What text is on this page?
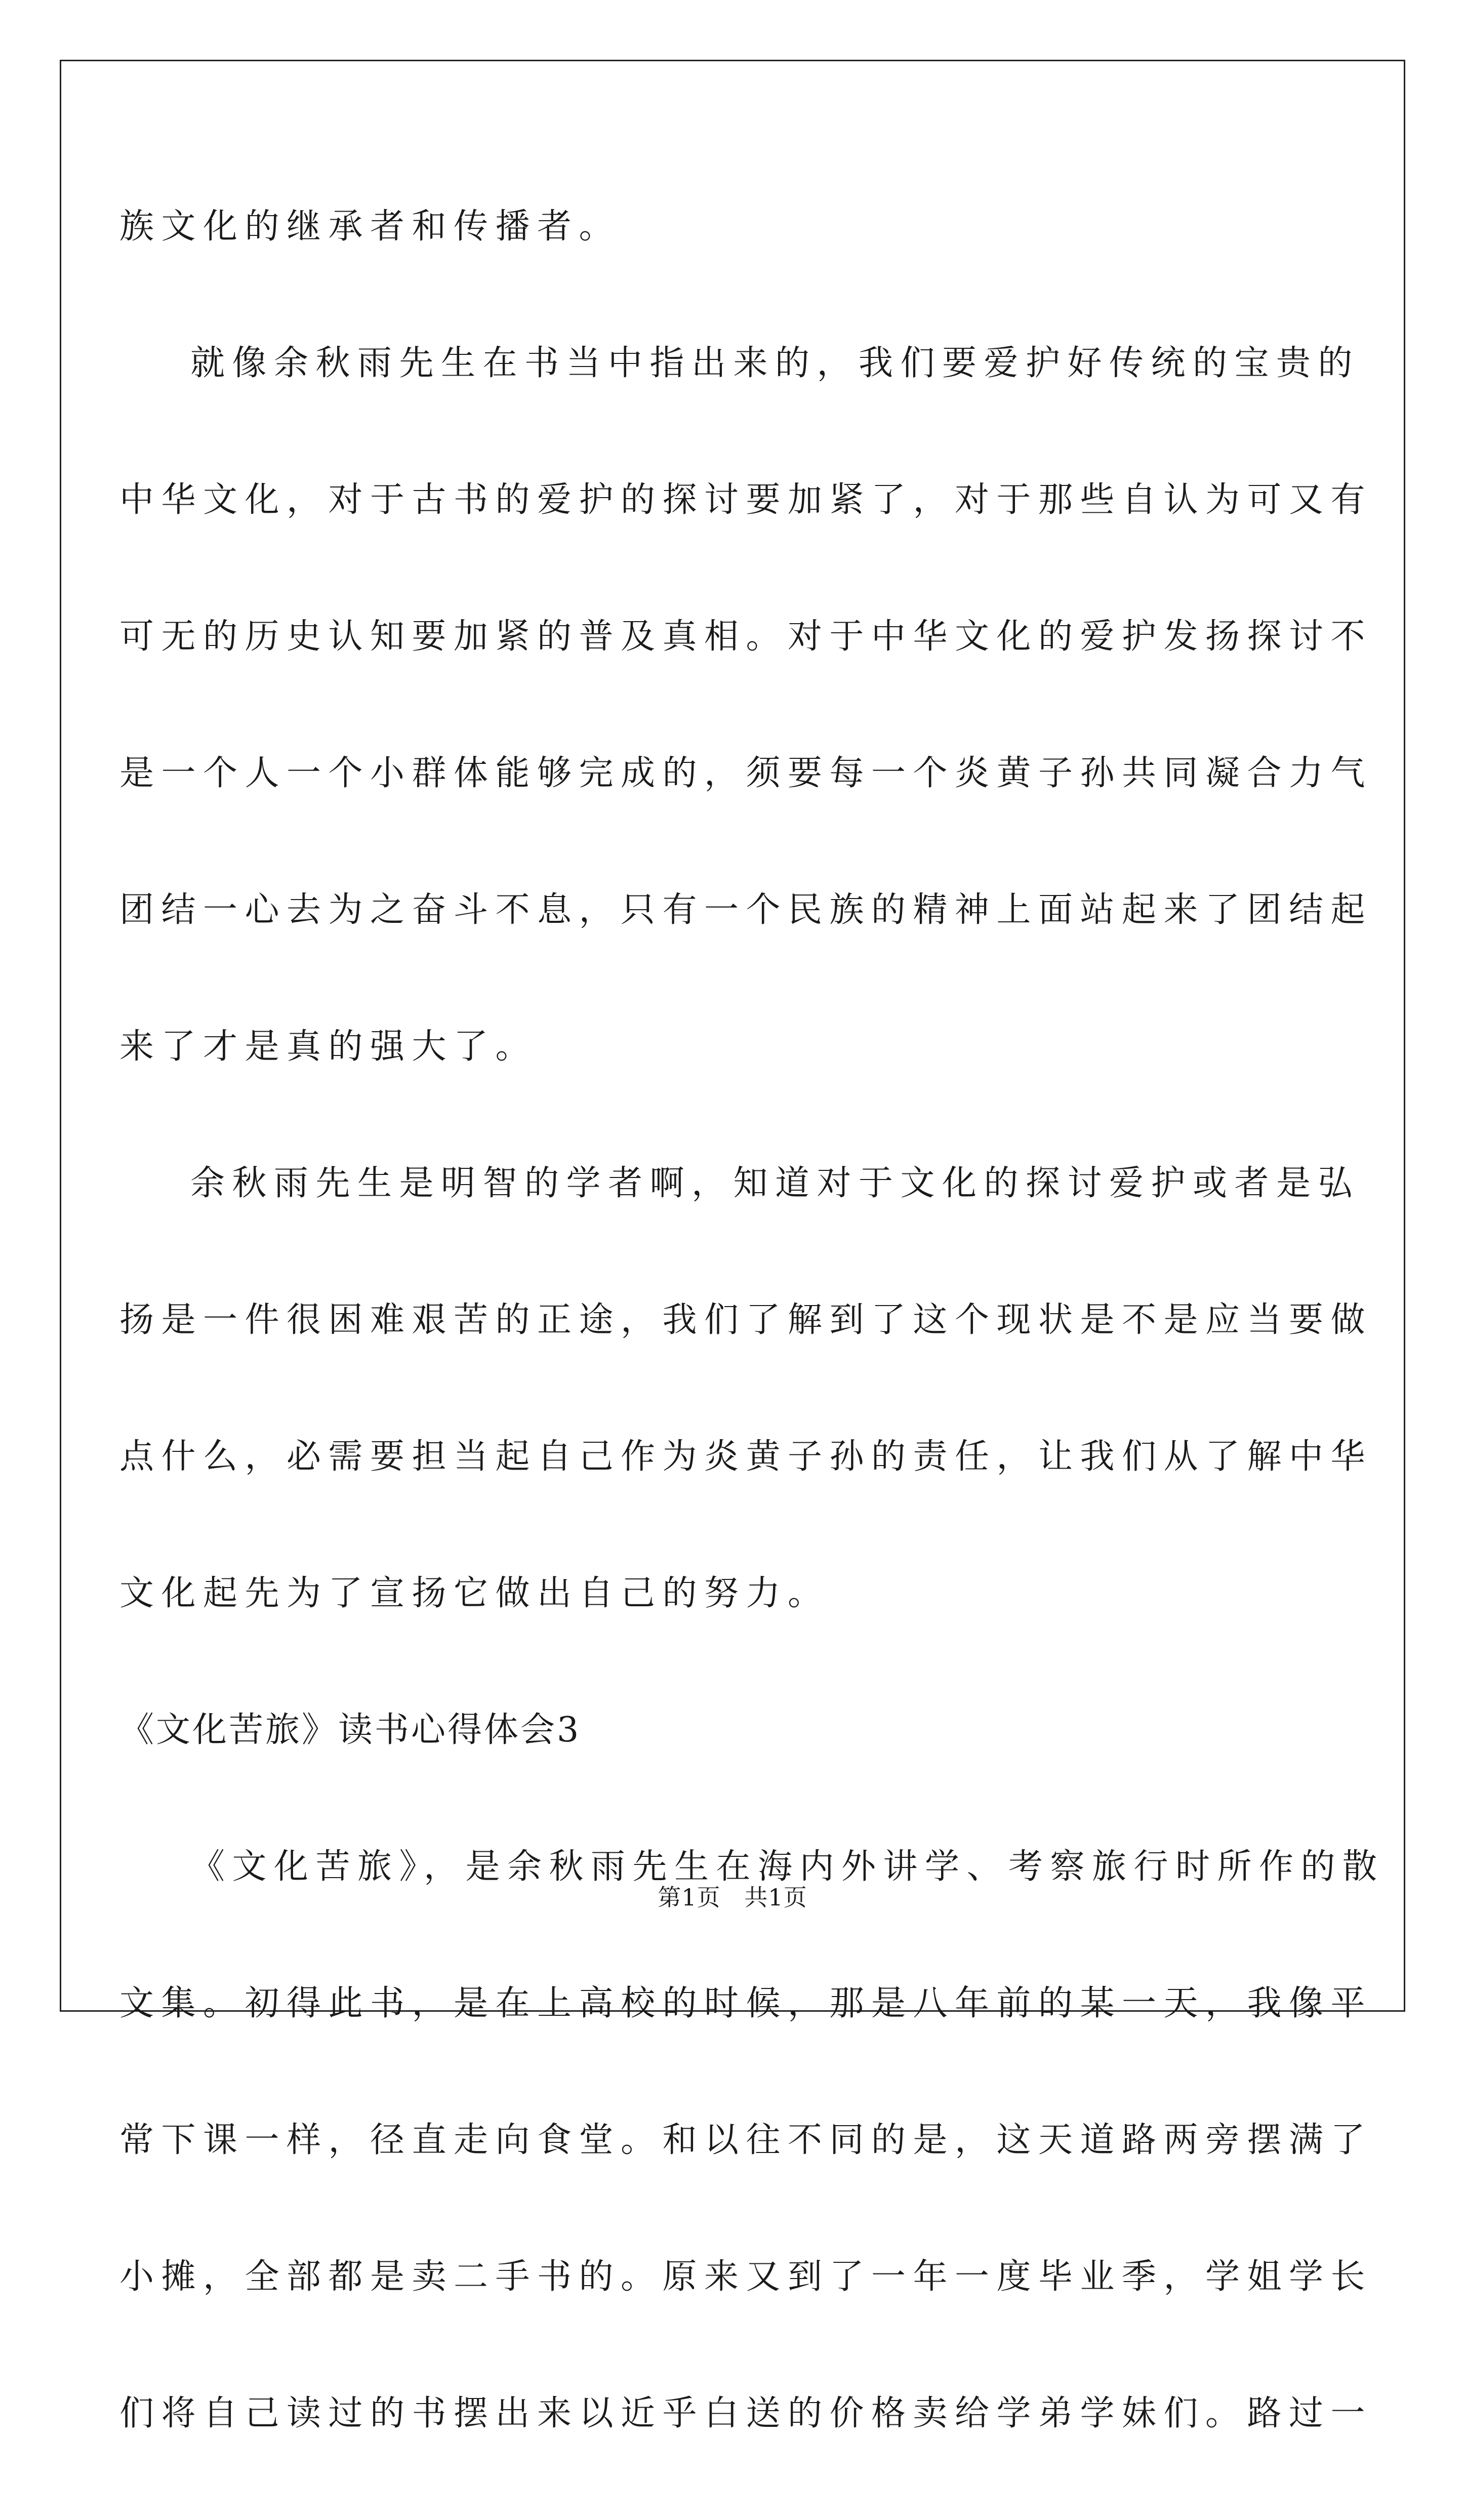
族文化的继承者和传播者。

就像余秋雨先生在书当中指出来的，我们要爱护好传统的宝贵的

中华文化，对于古书的爱护的探讨要加紧了，对于那些自认为可又有

可无的历史认知要加紧的普及真相。对于中华文化的爱护发扬探讨不

是一个人一个小群体能够完成的，须要每一个炎黄子孙共同凝合力气

团结一心去为之奋斗不息，只有一个民族的精神上面站起来了团结起

来了才是真的强大了。

余秋雨先生是明智的学者啊，知道对于文化的探讨爱护或者是弘

扬是一件很困难艰苦的正途，我们了解到了这个现状是不是应当要做

点什么，必需要担当起自己作为炎黄子孙的责任，让我们从了解中华

文化起先为了宣扬它做出自己的努力。

《文化苦旅》读书心得体会3

《文化苦旅》，是余秋雨先生在海内外讲学、考察旅行时所作的散

文集。初得此书，是在上高校的时候，那是八年前的某一天，我像平

常下课一样，径直走向食堂。和以往不同的是，这天道路两旁摆满了

小摊，全部都是卖二手书的。原来又到了一年一度毕业季，学姐学长

们将自己读过的书摆出来以近乎白送的价格卖给学弟学妹们。路过一

第1页   共1页
